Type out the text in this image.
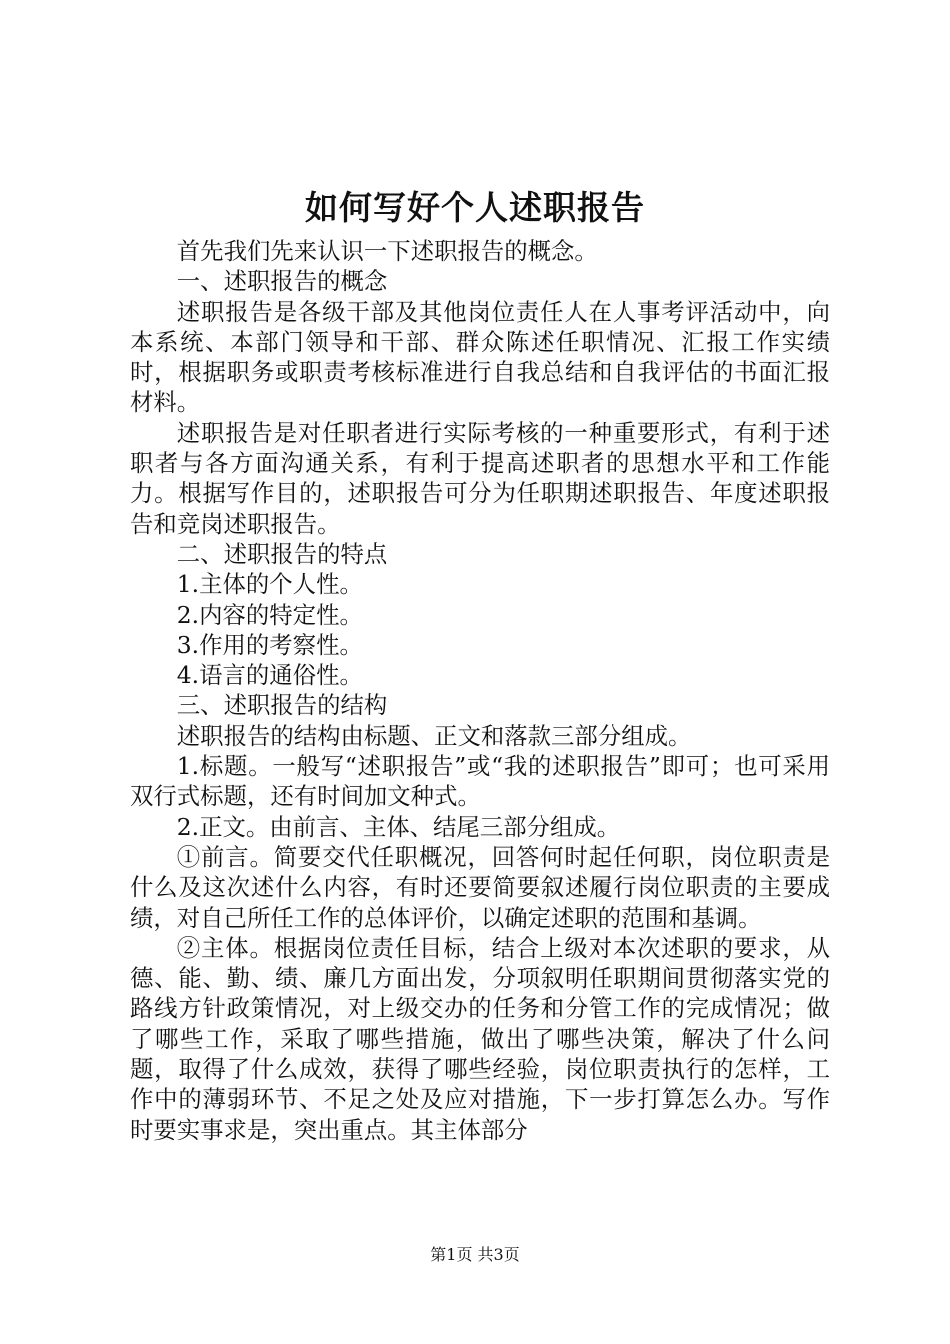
如何写好个人述职报告

首先我们先来认识一下述职报告的概念。

一、述职报告的概念

述职报告是各级干部及其他岗位责任人在人事考评活动中，向本系统、本部门领导和干部、群众陈述任职情况、汇报工作实绩时，根据职务或职责考核标准进行自我总结和自我评估的书面汇报材料。

述职报告是对任职者进行实际考核的一种重要形式，有利于述职者与各方面沟通关系，有利于提高述职者的思想水平和工作能力。根据写作目的，述职报告可分为任职期述职报告、年度述职报告和竞岗述职报告。

二、述职报告的特点

1.主体的个人性。

2.内容的特定性。

3.作用的考察性。

4.语言的通俗性。

三、述职报告的结构

述职报告的结构由标题、正文和落款三部分组成。

1.标题。一般写“述职报告”或“我的述职报告”即可；也可采用双行式标题，还有时间加文种式。

2.正文。由前言、主体、结尾三部分组成。

①前言。简要交代任职概况，回答何时起任何职，岗位职责是什么及这次述什么内容，有时还要简要叙述履行岗位职责的主要成绩，对自己所任工作的总体评价，以确定述职的范围和基调。

②主体。根据岗位责任目标，结合上级对本次述职的要求，从德、能、勤、绩、廉几方面出发，分项叙明任职期间贯彻落实党的路线方针政策情况，对上级交办的任务和分管工作的完成情况；做了哪些工作，采取了哪些措施，做出了哪些决策，解决了什么问题，取得了什么成效，获得了哪些经验，岗位职责执行的怎样，工作中的薄弱环节、不足之处及应对措施，下一步打算怎么办。写作时要实事求是，突出重点。其主体部分

第1页 共3页
